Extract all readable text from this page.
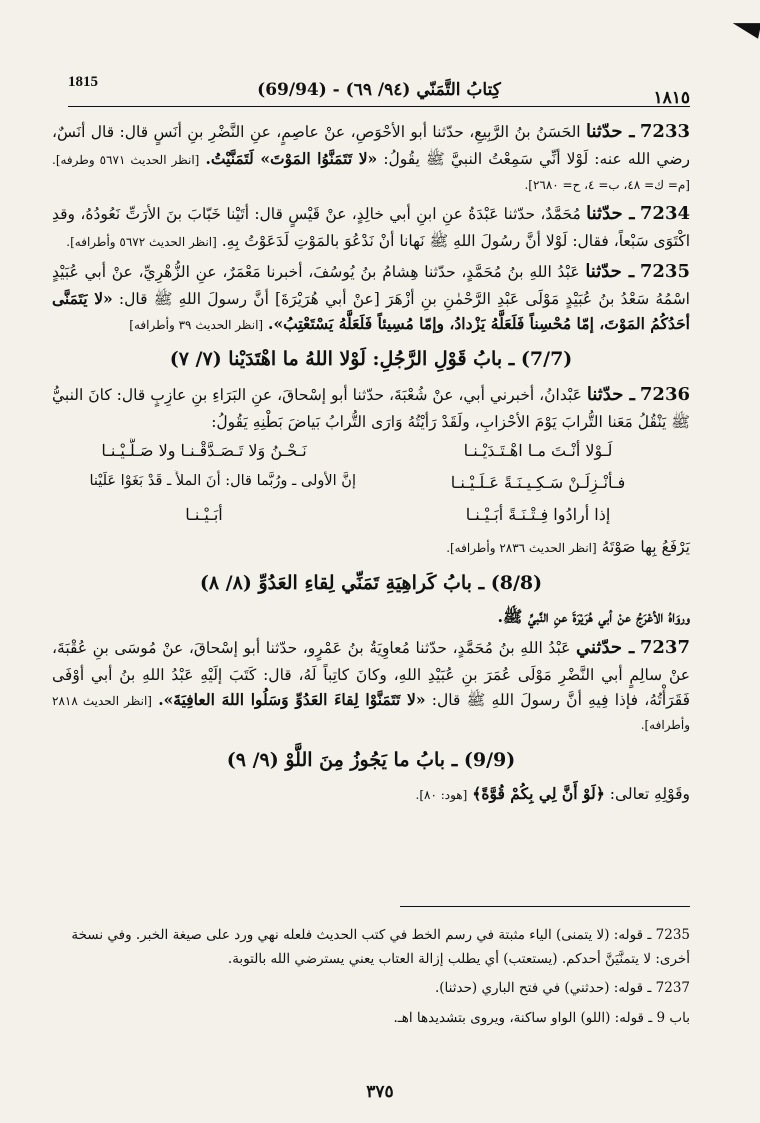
1815	(69/94) - كِتابُ التَّمَنّي (٩٤/ ٦٩)	١٨١٥

7233 ـ حدّثنا الحَسَنُ بنُ الرَّبِيعِ، حدّثنا أبو الأحْوَصِ، عنْ عاصِمٍ، عنِ النَّضْرِ بنِ أنَسٍ قال: قال أنَسٌ، رضي الله عنه: لَوْلا أنِّي سَمِعْتُ النبيَّ ﷺ يقُولُ: «لا تَتَمَنَّوُا المَوْتَ» لَتَمَنَّيْتُ. [انظر الحديث ٥٦٧١ وطرفه]. [م= ك= ٤٨، ب= ٤، ح= ٢٦٨٠].

7234 ـ حدّثنا مُحَمَّدٌ، حدّثنا عَبْدَةُ عنِ ابنِ أبي خالِدٍ، عنْ قَيْسٍ قال: أتَيْنا خَبّابَ بنَ الأرَتِّ نَعُودُهُ، وقدِ اكْتَوَى سَبْعاً، فقال: لَوْلا أنَّ رسُولَ اللهِ ﷺ نَهانا أنْ نَدْعُوَ بالمَوْتِ لَدَعَوْتُ بِهِ. [انظر الحديث ٥٦٧٢ وأطرافه].

7235 ـ حدّثنا عَبْدُ اللهِ بنُ مُحَمَّدٍ، حدّثنا هِشامُ بنُ يُوسُفَ، أخبرنا مَعْمَرٌ، عنِ الزُّهْرِيِّ، عنْ أبي عُبَيْدٍ اسْمُهُ سَعْدُ بنُ عُبَيْدٍ مَوْلَى عَبْدِ الرَّحْمٰنِ بنِ أزْهَرَ [عنْ أبي هُرَيْرَةَ] أنَّ رسولَ اللهِ ﷺ قال: «لا يَتَمَنَّى أحَدُكُمُ المَوْتَ، إمّا مُحْسِناً فَلَعَلَّهُ يَزْدادُ، وإمّا مُسِيئاً فَلَعَلَّهُ يَسْتَعْتِبُ». [انظر الحديث ٣٩ وأطرافه]

(7/7) ـ بابُ قَوْلِ الرَّجُلِ: لَوْلا اللهُ ما اهْتَدَيْنا (٧/ ٧)

7236 ـ حدّثنا عَبْدانُ، أخبرني أبي، عنْ شُعْبَةَ، حدّثنا أبو إسْحاقَ، عنِ البَرَاءِ بنِ عازِبٍ قال: كانَ النبيُّ ﷺ يَنْقُلُ مَعَنا التُّرابَ يَوْمَ الأحْزابِ، ولَقَدْ رَأيْتُهُ وَارَى التُّرابُ بَياضَ بَطْنِهِ يَقُولُ:

لَـوْلا أنْـتَ مـا اهْـتَـدَيْـنـا
نَـحْـنُ وَلا تَـصَـدَّقْـنـا ولا صَـلَّـيْـنـا
فـأنْـزِلَـنْ سَـكِـيـنَـةً عَـلَـيْـنـا
إنَّ الأولى ـ ورُبَّما قال: أنَ الملأَ ـ قَدْ بَغَوْا عَلَيْنا
إذا أرادُوا فِـتْـنَـةً أبَـيْـنـا
أبَـيْـنـا

يَرْفَعُ بِها صَوْتَهُ [انظر الحديث ٢٨٣٦ وأطرافه].

(8/8) ـ بابُ كَراهِيَةِ تَمَنِّي لِقاءِ العَدُوِّ (٨/ ٨)
وروَاهُ الأعْرَجُ عنْ أبي هُرَيْرَةَ عنِ النَّبيِّ ﷺ.

7237 ـ حدّثني عَبْدُ اللهِ بنُ مُحَمَّدٍ، حدّثنا مُعاوِيَةُ بنُ عَمْرٍو، حدّثنا أبو إسْحاقَ، عنْ مُوسَى بنِ عُقْبَةَ، عنْ سالِمٍ أبي النَّضْرِ مَوْلَى عُمَرَ بنِ عُبَيْدِ اللهِ، وكانَ كاتِباً لَهُ، قال: كَتَبَ إلَيْهِ عَبْدُ اللهِ بنُ أبي أوْفَى فَقَرَأْتُهُ، فإذا فِيهِ أنَّ رسولَ اللهِ ﷺ قال: «لا تَتَمَنَّوْا لِقاءَ العَدُوِّ وَسَلُوا اللهَ العافِيَةَ». [انظر الحديث ٢٨١٨ وأطرافه].

(9/9) ـ بابُ ما يَجُوزُ مِنَ اللَّوْ (٩/ ٩)

وقَوْلِهِ تعالى: ﴿لَوْ أَنَّ لِي بِكُمْ قُوَّةً﴾ [هود: ٨٠].

7235 ـ قوله: (لا يتمنى) الياء مثبتة في رسم الخط في كتب الحديث فلعله نهي ورد على صيغة الخبر. وفي نسخة أخرى: لا يتمنَّيَنَّ أحدكم. (يستعتب) أي يطلب إزالة العتاب يعني يسترضي الله بالتوبة.

7237 ـ قوله: (حدثني) في فتح الباري (حدثنا).

باب 9 ـ قوله: (اللو) الواو ساكنة، ويروى بتشديدها اهـ.

٣٧٥
